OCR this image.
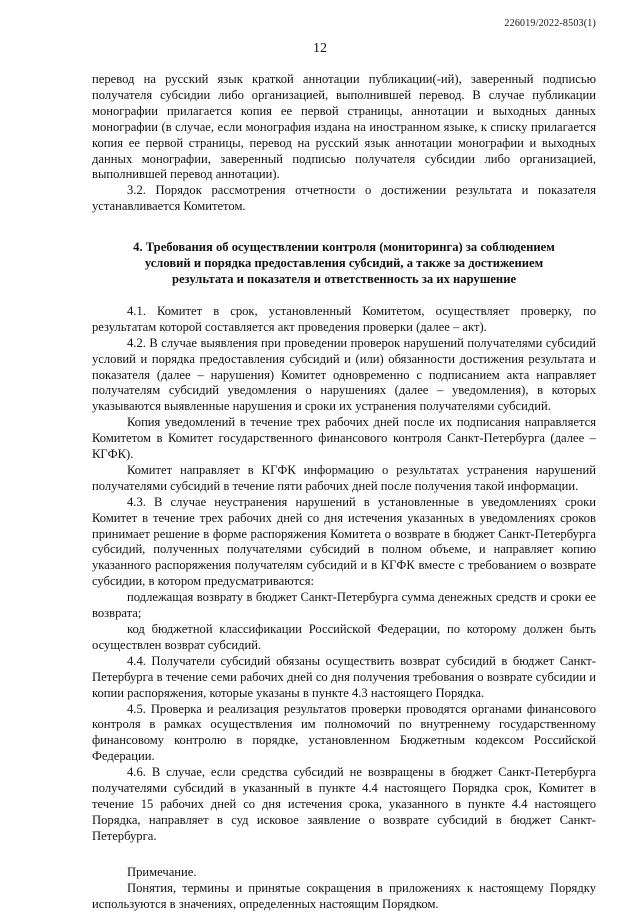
226019/2022-8503(1)
12

перевод на русский язык краткой аннотации публикации(-ий), заверенный подписью получателя субсидии либо организацией, выполнившей перевод. В случае публикации монографии прилагается копия ее первой страницы, аннотации и выходных данных монографии (в случае, если монография издана на иностранном языке, к списку прилагается копия ее первой страницы, перевод на русский язык аннотации монографии и выходных данных монографии, заверенный подписью получателя субсидии либо организацией, выполнившей перевод аннотации).

3.2. Порядок рассмотрения отчетности о достижении результата и показателя устанавливается Комитетом.

4. Требования об осуществлении контроля (мониторинга) за соблюдением условий и порядка предоставления субсидий, а также за достижением результата и показателя и ответственность за их нарушение

4.1. Комитет в срок, установленный Комитетом, осуществляет проверку, по результатам которой составляется акт проведения проверки (далее – акт).

4.2. В случае выявления при проведении проверок нарушений получателями субсидий условий и порядка предоставления субсидий и (или) обязанности достижения результата и показателя (далее – нарушения) Комитет одновременно с подписанием акта направляет получателям субсидий уведомления о нарушениях (далее – уведомления), в которых указываются выявленные нарушения и сроки их устранения получателями субсидий.

Копия уведомлений в течение трех рабочих дней после их подписания направляется Комитетом в Комитет государственного финансового контроля Санкт-Петербурга (далее – КГФК).

Комитет направляет в КГФК информацию о результатах устранения нарушений получателями субсидий в течение пяти рабочих дней после получения такой информации.

4.3. В случае неустранения нарушений в установленные в уведомлениях сроки Комитет в течение трех рабочих дней со дня истечения указанных в уведомлениях сроков принимает решение в форме распоряжения Комитета о возврате в бюджет Санкт-Петербурга субсидий, полученных получателями субсидий в полном объеме, и направляет копию указанного распоряжения получателям субсидий и в КГФК вместе с требованием о возврате субсидии, в котором предусматриваются:

подлежащая возврату в бюджет Санкт-Петербурга сумма денежных средств и сроки ее возврата;

код бюджетной классификации Российской Федерации, по которому должен быть осуществлен возврат субсидий.

4.4. Получатели субсидий обязаны осуществить возврат субсидий в бюджет Санкт-Петербурга в течение семи рабочих дней со дня получения требования о возврате субсидии и копии распоряжения, которые указаны в пункте 4.3 настоящего Порядка.

4.5. Проверка и реализация результатов проверки проводятся органами финансового контроля в рамках осуществления им полномочий по внутреннему государственному финансовому контролю в порядке, установленном Бюджетным кодексом Российской Федерации.

4.6. В случае, если средства субсидий не возвращены в бюджет Санкт-Петербурга получателями субсидий в указанный в пункте 4.4 настоящего Порядка срок, Комитет в течение 15 рабочих дней со дня истечения срока, указанного в пункте 4.4 настоящего Порядка, направляет в суд исковое заявление о возврате субсидий в бюджет Санкт-Петербурга.

Примечание.

Понятия, термины и принятые сокращения в приложениях к настоящему Порядку используются в значениях, определенных настоящим Порядком.
